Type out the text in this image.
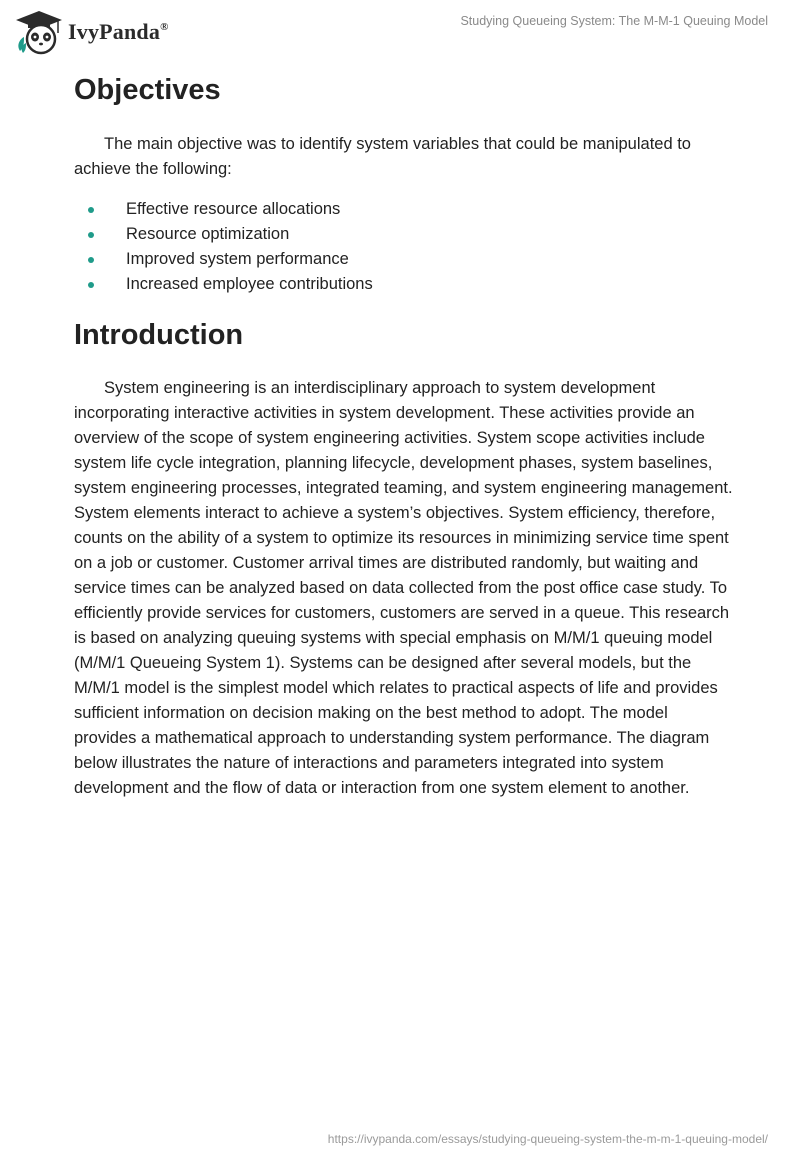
IvyPanda®	Studying Queueing System: The M-M-1 Queuing Model
Objectives

The main objective was to identify system variables that could be manipulated to achieve the following:

Effective resource allocations
Resource optimization
Improved system performance
Increased employee contributions
Introduction

System engineering is an interdisciplinary approach to system development incorporating interactive activities in system development. These activities provide an overview of the scope of system engineering activities. System scope activities include system life cycle integration, planning lifecycle, development phases, system baselines, system engineering processes, integrated teaming, and system engineering management. System elements interact to achieve a system’s objectives. System efficiency, therefore, counts on the ability of a system to optimize its resources in minimizing service time spent on a job or customer. Customer arrival times are distributed randomly, but waiting and service times can be analyzed based on data collected from the post office case study. To efficiently provide services for customers, customers are served in a queue. This research is based on analyzing queuing systems with special emphasis on M/M/1 queuing model (M/M/1 Queueing System 1). Systems can be designed after several models, but the M/M/1 model is the simplest model which relates to practical aspects of life and provides sufficient information on decision making on the best method to adopt. The model provides a mathematical approach to understanding system performance. The diagram below illustrates the nature of interactions and parameters integrated into system development and the flow of data or interaction from one system element to another.

https://ivypanda.com/essays/studying-queueing-system-the-m-m-1-queuing-model/
